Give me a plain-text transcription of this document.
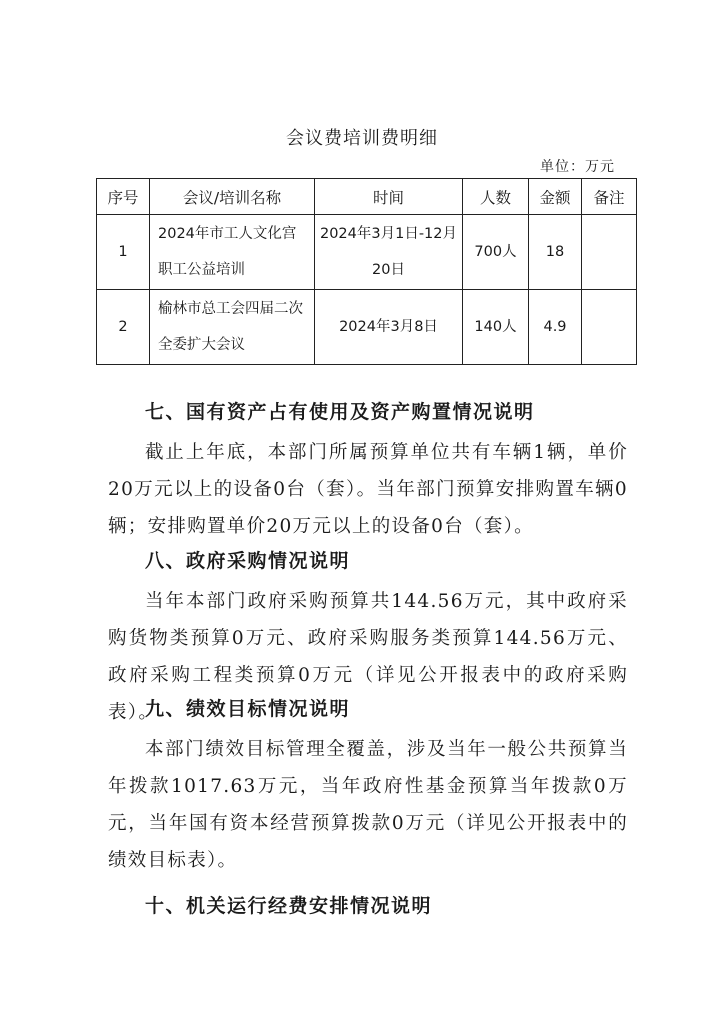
会议费培训费明细
单位：万元
序号	会议/培训名称	时间	人数	金额	备注
1	2024年市工人文化宫职工公益培训	2024年3月1日-12月20日	700人	18	
2	榆林市总工会四届二次全委扩大会议	2024年3月8日	140人	4.9	
七、国有资产占有使用及资产购置情况说明
截止上年底，本部门所属预算单位共有车辆1辆，单价20万元以上的设备0台（套）。当年部门预算安排购置车辆0辆；安排购置单价20万元以上的设备0台（套）。
八、政府采购情况说明
当年本部门政府采购预算共144.56万元，其中政府采购货物类预算0万元、政府采购服务类预算144.56万元、政府采购工程类预算0万元（详见公开报表中的政府采购表）。
九、绩效目标情况说明
本部门绩效目标管理全覆盖，涉及当年一般公共预算当年拨款1017.63万元，当年政府性基金预算当年拨款0万元，当年国有资本经营预算拨款0万元（详见公开报表中的绩效目标表）。
十、机关运行经费安排情况说明
